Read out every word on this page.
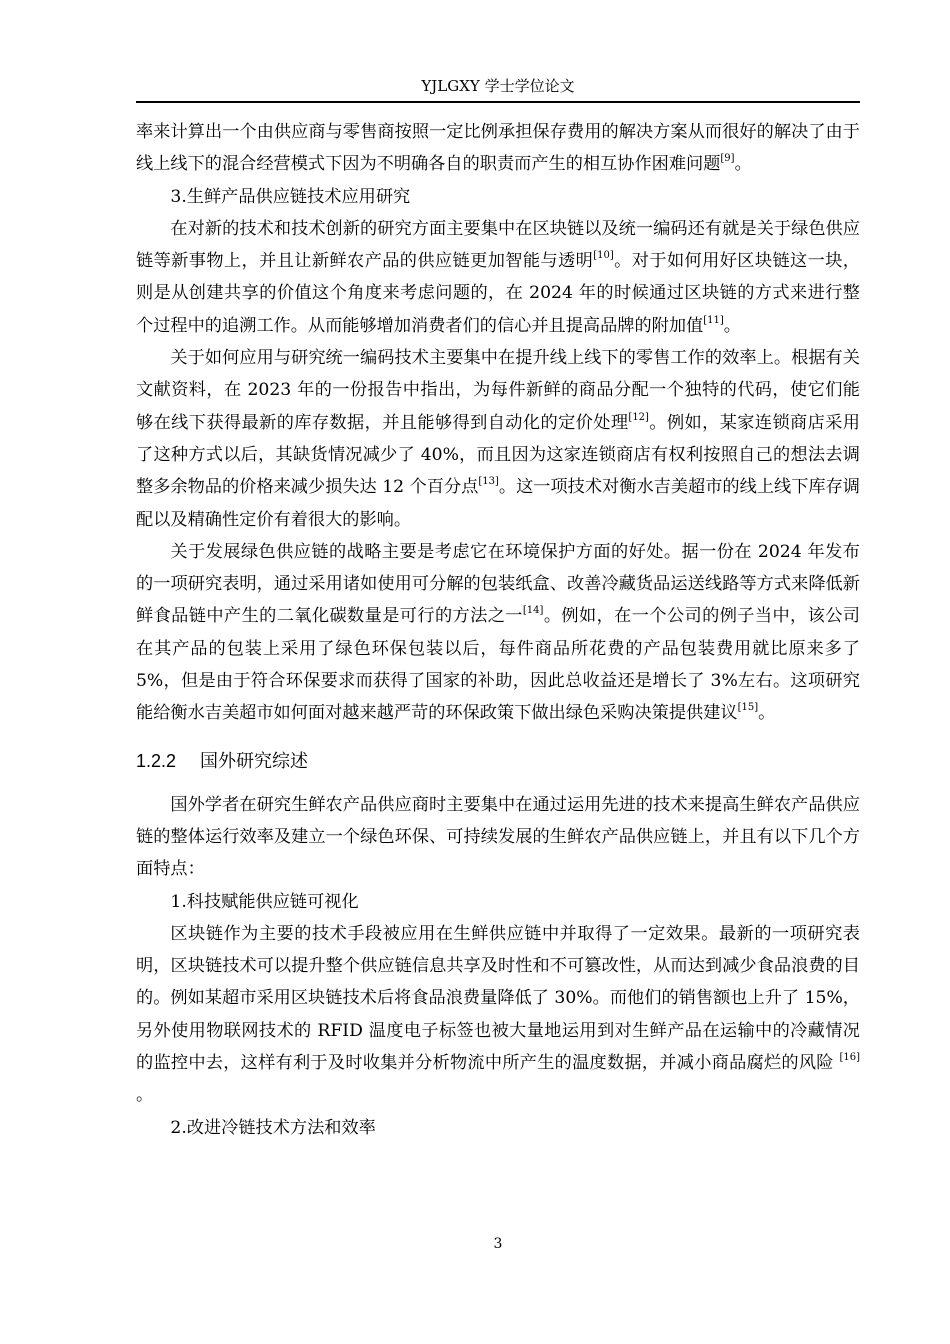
YJLGXY 学士学位论文

率来计算出一个由供应商与零售商按照一定比例承担保存费用的解决方案从而很好的解决了由于线上线下的混合经营模式下因为不明确各自的职责而产生的相互协作困难问题[9]。

3.生鲜产品供应链技术应用研究

在对新的技术和技术创新的研究方面主要集中在区块链以及统一编码还有就是关于绿色供应链等新事物上，并且让新鲜农产品的供应链更加智能与透明[10]。对于如何用好区块链这一块，则是从创建共享的价值这个角度来考虑问题的，在 2024 年的时候通过区块链的方式来进行整个过程中的追溯工作。从而能够增加消费者们的信心并且提高品牌的附加值[11]。

关于如何应用与研究统一编码技术主要集中在提升线上线下的零售工作的效率上。根据有关文献资料，在 2023 年的一份报告中指出，为每件新鲜的商品分配一个独特的代码，使它们能够在线下获得最新的库存数据，并且能够得到自动化的定价处理[12]。例如，某家连锁商店采用了这种方式以后，其缺货情况减少了 40%，而且因为这家连锁商店有权利按照自己的想法去调整多余物品的价格来减少损失达 12 个百分点[13]。这一项技术对衡水吉美超市的线上线下库存调配以及精确性定价有着很大的影响。

关于发展绿色供应链的战略主要是考虑它在环境保护方面的好处。据一份在 2024 年发布的一项研究表明，通过采用诸如使用可分解的包装纸盒、改善冷藏货品运送线路等方式来降低新鲜食品链中产生的二氧化碳数量是可行的方法之一[14]。例如，在一个公司的例子当中，该公司在其产品的包装上采用了绿色环保包装以后，每件商品所花费的产品包装费用就比原来多了 5%，但是由于符合环保要求而获得了国家的补助，因此总收益还是增长了 3%左右。这项研究能给衡水吉美超市如何面对越来越严苛的环保政策下做出绿色采购决策提供建议[15]。

1.2.2 国外研究综述

国外学者在研究生鲜农产品供应商时主要集中在通过运用先进的技术来提高生鲜农产品供应链的整体运行效率及建立一个绿色环保、可持续发展的生鲜农产品供应链上，并且有以下几个方面特点：

1.科技赋能供应链可视化

区块链作为主要的技术手段被应用在生鲜供应链中并取得了一定效果。最新的一项研究表明，区块链技术可以提升整个供应链信息共享及时性和不可篡改性，从而达到减少食品浪费的目的。例如某超市采用区块链技术后将食品浪费量降低了 30%。而他们的销售额也上升了 15%，另外使用物联网技术的 RFID 温度电子标签也被大量地运用到对生鲜产品在运输中的冷藏情况的监控中去，这样有利于及时收集并分析物流中所产生的温度数据，并减小商品腐烂的风险 [16] 。

2.改进冷链技术方法和效率

3
